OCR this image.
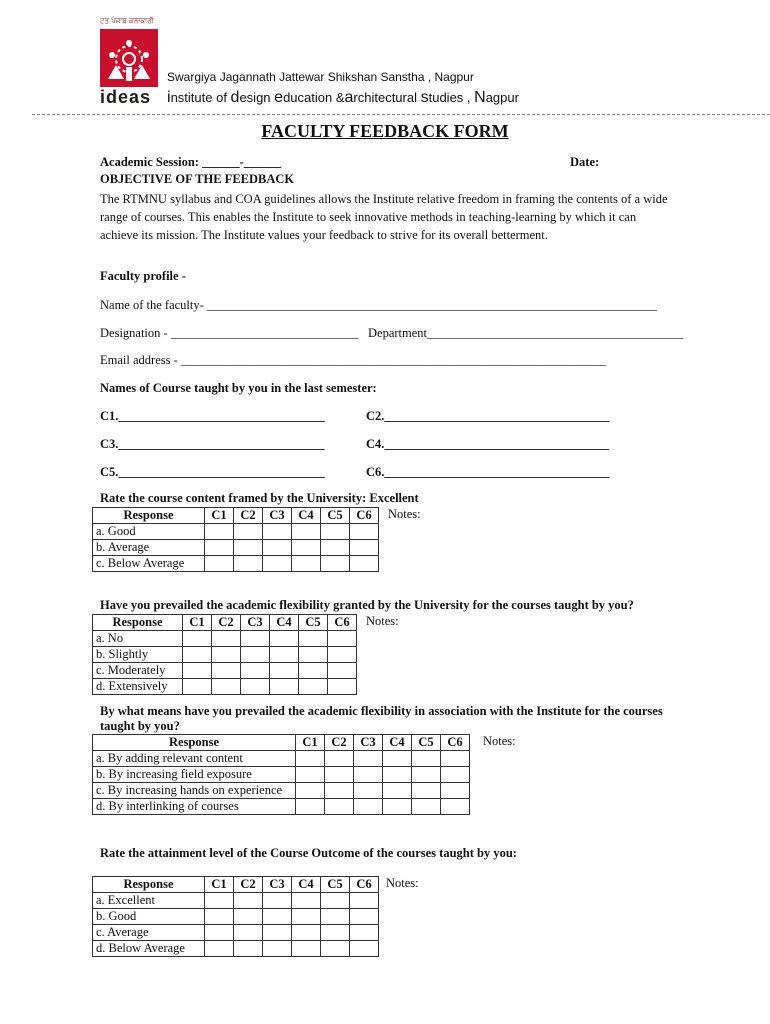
ਟਤ ਪੰਜਾਬ ਕਲਾਕਾਰੀ
ideas
Swargiya Jagannath Jattewar Shikshan Sanstha , Nagpur
institute of design education &architectural studies , Nagpur
FACULTY FEEDBACK FORM
Academic Session: ______-______	Date:
OBJECTIVE OF THE FEEDBACK
The RTMNU syllabus and COA guidelines allows the Institute relative freedom in framing the contents of a wide
range of courses. This enables the Institute to seek innovative methods in teaching-learning by which it can
achieve its mission. The Institute values your feedback to strive for its overall betterment.
Faculty profile -
Name of the faculty- ________________________________________________________________________
Designation - ______________________________ Department_________________________________________
Email address - ____________________________________________________________________
Names of Course taught by you in the last semester:
C1._________________________________	C2.____________________________________
C3._________________________________	C4.____________________________________
C5._________________________________	C6.____________________________________
Rate the course content framed by the University: Excellent
Response	C1	C2	C3	C4	C5	C6
a. Good						
b. Average						
c. Below Average						
Notes:
Have you prevailed the academic flexibility granted by the University for the courses taught by you?
Response	C1	C2	C3	C4	C5	C6
a. No						
b. Slightly						
c. Moderately						
d. Extensively						
Notes:
By what means have you prevailed the academic flexibility in association with the Institute for the courses
taught by you?
Response	C1	C2	C3	C4	C5	C6
a. By adding relevant content						
b. By increasing field exposure						
c. By increasing hands on experience						
d. By interlinking of courses						
Notes:
Rate the attainment level of the Course Outcome of the courses taught by you:
Response	C1	C2	C3	C4	C5	C6
a. Excellent						
b. Good						
c. Average						
d. Below Average						
Notes:
